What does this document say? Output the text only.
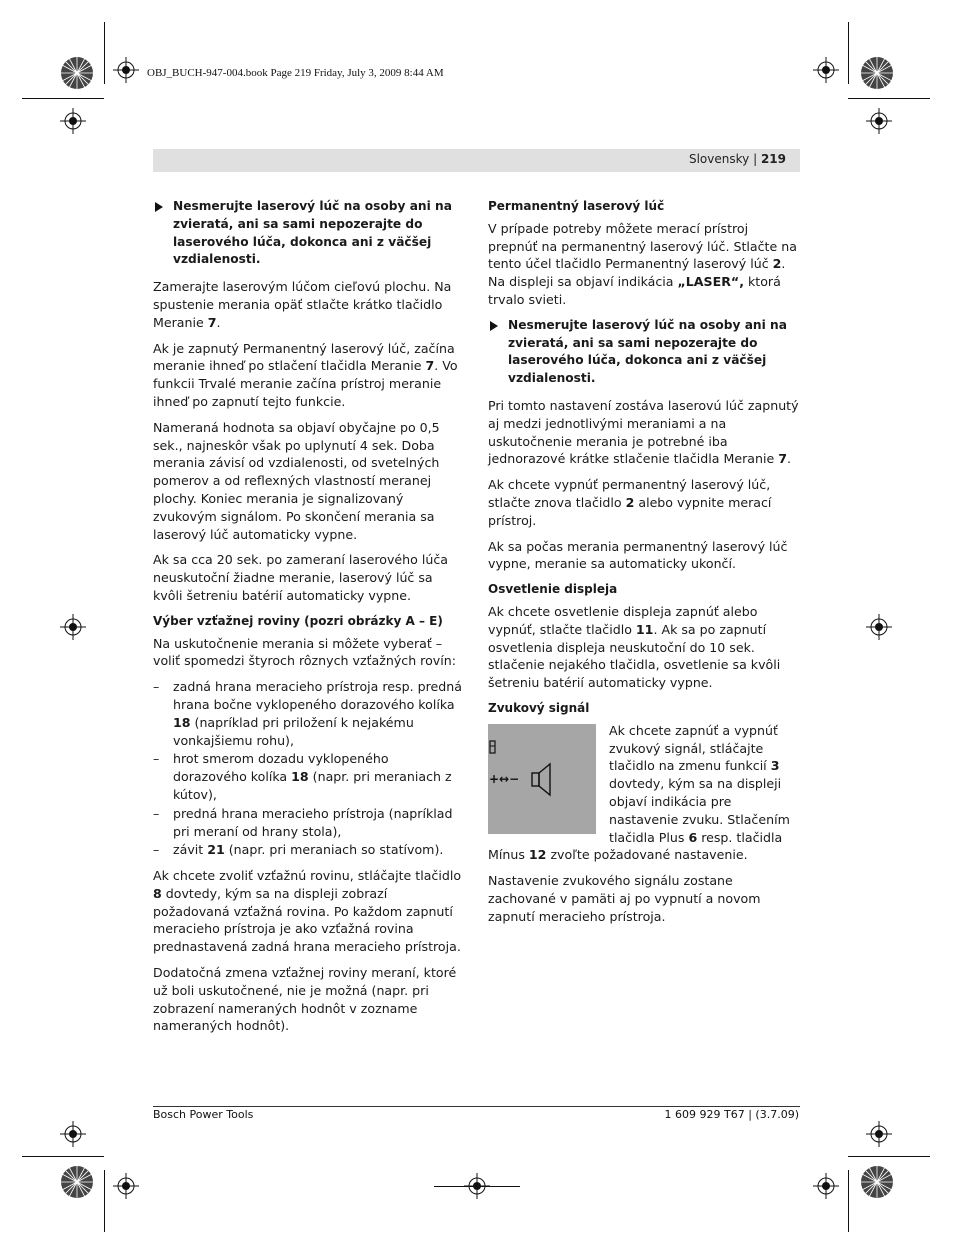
OBJ_BUCH-947-004.book Page 219 Friday, July 3, 2009 8:44 AM
Slovensky | 219
Nesmerujte laserový lúč na osoby ani na zvieratá, ani sa sami nepozerajte do laserového lúča, dokonca ani z väčšej vzdialenosti.

Zamerajte laserovým lúčom cieľovú plochu. Na spustenie merania opäť stlačte krátko tlačidlo Meranie 7.

Ak je zapnutý Permanentný laserový lúč, začína meranie ihneď po stlačení tlačidla Meranie 7. Vo funkcii Trvalé meranie začína prístroj meranie ihneď po zapnutí tejto funkcie.

Nameraná hodnota sa objaví obyčajne po 0,5 sek., najneskôr však po uplynutí 4 sek. Doba merania závisí od vzdialenosti, od svetelných pomerov a od reflexných vlastností meranej plochy. Koniec merania je signalizovaný zvukovým signálom. Po skončení merania sa laserový lúč automaticky vypne.

Ak sa cca 20 sek. po zameraní laserového lúča neuskutoční žiadne meranie, laserový lúč sa kvôli šetreniu batérií automaticky vypne.

Výber vzťažnej roviny (pozri obrázky A – E)

Na uskutočnenie merania si môžete vyberať – voliť spomedzi štyroch rôznych vzťažných rovín:

– zadná hrana meracieho prístroja resp. predná hrana bočne vyklopeného dorazového kolíka 18 (napríklad pri priložení k nejakému vonkajšiemu rohu),
– hrot smerom dozadu vyklopeného dorazového kolíka 18 (napr. pri meraniach z kútov),
– predná hrana meracieho prístroja (napríklad pri meraní od hrany stola),
– závit 21 (napr. pri meraniach so statívom).

Ak chcete zvoliť vzťažnú rovinu, stláčajte tlačidlo 8 dovtedy, kým sa na displeji zobrazí požadovaná vzťažná rovina. Po každom zapnutí meracieho prístroja je ako vzťažná rovina prednastavená zadná hrana meracieho prístroja.

Dodatočná zmena vzťažnej roviny meraní, ktoré už boli uskutočnené, nie je možná (napr. pri zobrazení nameraných hodnôt v zozname nameraných hodnôt).

Permanentný laserový lúč

V prípade potreby môžete merací prístroj prepnúť na permanentný laserový lúč. Stlačte na tento účel tlačidlo Permanentný laserový lúč 2. Na displeji sa objaví indikácia „LASER“, ktorá trvalo svieti.

Nesmerujte laserový lúč na osoby ani na zvieratá, ani sa sami nepozerajte do laserového lúča, dokonca ani z väčšej vzdialenosti.

Pri tomto nastavení zostáva laserovú lúč zapnutý aj medzi jednotlivými meraniami a na uskutočnenie merania je potrebné iba jednorazové krátke stlačenie tlačidla Meranie 7.

Ak chcete vypnúť permanentný laserový lúč, stlačte znova tlačidlo 2 alebo vypnite merací prístroj.

Ak sa počas merania permanentný laserový lúč vypne, meranie sa automaticky ukončí.

Osvetlenie displeja

Ak chcete osvetlenie displeja zapnúť alebo vypnúť, stlačte tlačidlo 11. Ak sa po zapnutí osvetlenia displeja neuskutoční do 10 sek. stlačenie nejakého tlačidla, osvetlenie sa kvôli šetreniu batérií automaticky vypne.

Zvukový signál
+↔−

Ak chcete zapnúť a vypnúť zvukový signál, stláčajte tlačidlo na zmenu funkcií 3 dovtedy, kým sa na displeji objaví indikácia pre nastavenie zvuku. Stlačením tlačidla Plus 6 resp. tlačidla Mínus 12 zvoľte požadované nastavenie.

Nastavenie zvukového signálu zostane zachované v pamäti aj po vypnutí a novom zapnutí meracieho prístroja.

Bosch Power Tools	1 609 929 T67 | (3.7.09)
